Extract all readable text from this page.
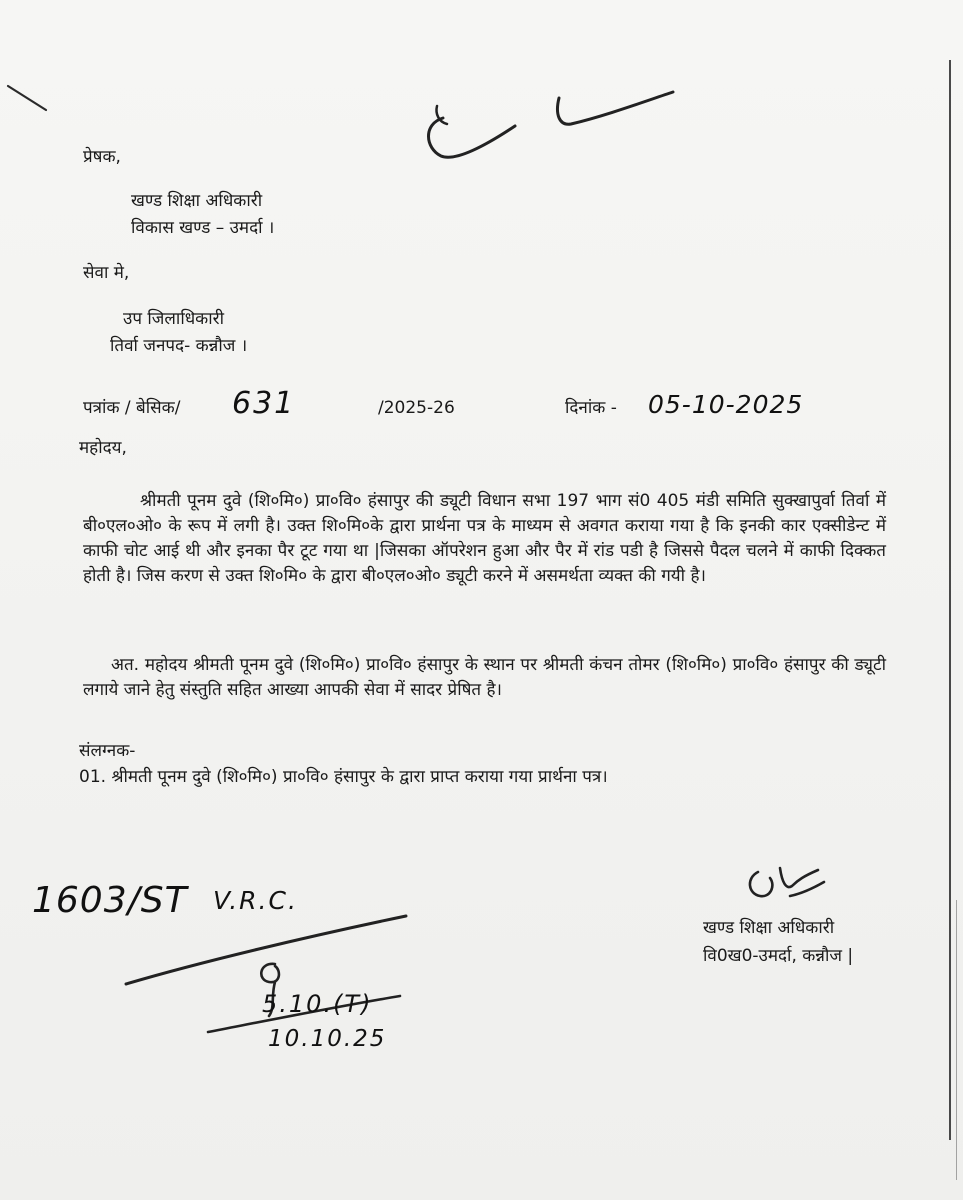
प्रेषक,
खण्ड शिक्षा अधिकारी
विकास खण्ड – उमर्दा ।
सेवा मे,
उप जिलाधिकारी
तिर्वा जनपद- कन्नौज ।
पत्रांक / बेसिक/ 631	/2025-26	दिनांक - 05-10-2025
महोदय,
श्रीमती पूनम दुवे (शि०मि०) प्रा०वि० हंसापुर की ड्यूटी विधान सभा 197 भाग सं0 405 मंडी समिति सुक्खापुर्वा तिर्वा में बी०एल०ओ० के रूप में लगी है। उक्त शि०मि०के द्वारा प्रार्थना पत्र के माध्यम से अवगत कराया गया है कि इनकी कार एक्सीडेन्ट में काफी चोट आई थी और इनका पैर टूट गया था |जिसका ऑपरेशन हुआ और पैर में रांड पडी है जिससे पैदल चलने में काफी दिक्कत होती है। जिस करण से उक्त शि०मि० के द्वारा बी०एल०ओ० ड्यूटी करने में असमर्थता व्यक्त की गयी है।
अत. महोदय श्रीमती पूनम दुवे (शि०मि०) प्रा०वि० हंसापुर के स्थान पर श्रीमती कंचन तोमर (शि०मि०) प्रा०वि० हंसापुर की ड्यूटी लगाये जाने हेतु संस्तुति सहित आख्या आपकी सेवा में सादर प्रेषित है।
संलग्नक-
01. श्रीमती पूनम दुवे (शि०मि०) प्रा०वि० हंसापुर के द्वारा प्राप्त कराया गया प्रार्थना पत्र।
खण्ड शिक्षा अधिकारी
वि0ख0-उमर्दा, कन्नौज |
1603/ST V.R.C.
5.10.(T)
10.10.25
